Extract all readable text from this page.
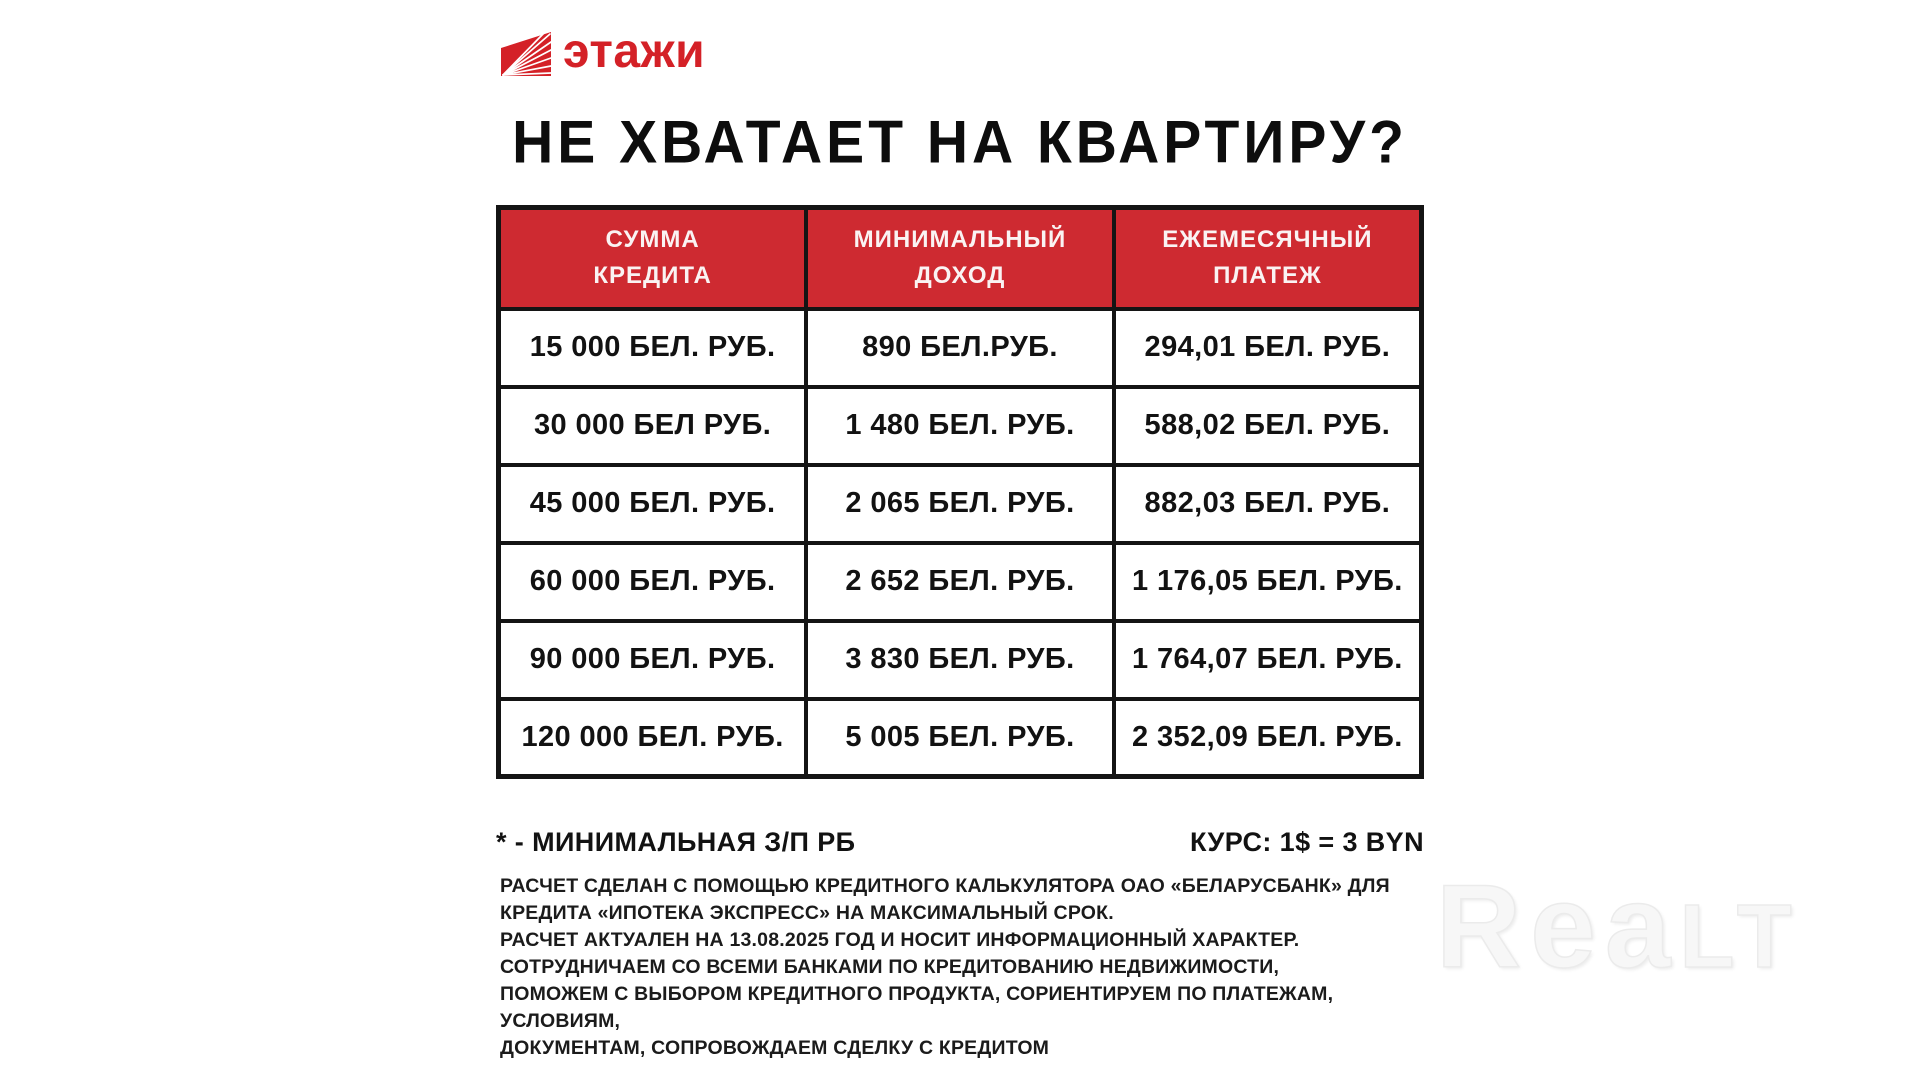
этажи
НЕ ХВАТАЕТ НА КВАРТИРУ?
СУММА
КРЕДИТА

МИНИМАЛЬНЫЙ
ДОХОД

ЕЖЕМЕСЯЧНЫЙ
ПЛАТЕЖ

15 000 БЕЛ. РУБ.	890 БЕЛ.РУБ.	294,01 БЕЛ. РУБ.
30 000 БЕЛ РУБ.	1 480 БЕЛ. РУБ.	588,02 БЕЛ. РУБ.
45 000 БЕЛ. РУБ.	2 065 БЕЛ. РУБ.	882,03 БЕЛ. РУБ.
60 000 БЕЛ. РУБ.	2 652 БЕЛ. РУБ.	1 176,05 БЕЛ. РУБ.
90 000 БЕЛ. РУБ.	3 830 БЕЛ. РУБ.	1 764,07 БЕЛ. РУБ.
120 000 БЕЛ. РУБ.	5 005 БЕЛ. РУБ.	2 352,09 БЕЛ. РУБ.
* - МИНИМАЛЬНАЯ З/П РБ	КУРС: 1$ = 3 BYN
РАСЧЕТ СДЕЛАН С ПОМОЩЬЮ КРЕДИТНОГО КАЛЬКУЛЯТОРА ОАО «БЕЛАРУСБАНК» ДЛЯ
КРЕДИТА «ИПОТЕКА ЭКСПРЕСС» НА МАКСИМАЛЬНЫЙ СРОК.
РАСЧЕТ АКТУАЛЕН НА 13.08.2025 ГОД И НОСИТ ИНФОРМАЦИОННЫЙ ХАРАКТЕР.
СОТРУДНИЧАЕМ СО ВСЕМИ БАНКАМИ ПО КРЕДИТОВАНИЮ НЕДВИЖИМОСТИ,
ПОМОЖЕМ С ВЫБОРОМ КРЕДИТНОГО ПРОДУКТА, СОРИЕНТИРУЕМ ПО ПЛАТЕЖАМ,
УСЛОВИЯМ,
ДОКУМЕНТАМ, СОПРОВОЖДАЕМ СДЕЛКУ С КРЕДИТОМ
Rea LT
